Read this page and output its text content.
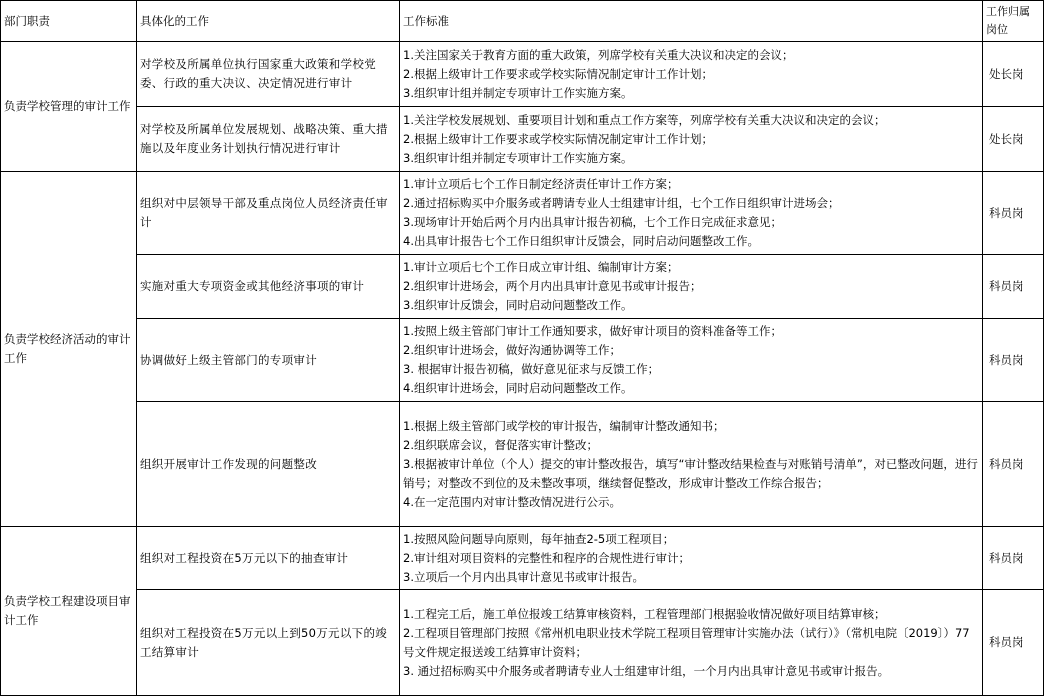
部门职责	具体化的工作	工作标准	工作归属岗位
负责学校管理的审计工作	对学校及所属单位执行国家重大政策和学校党委、行政的重大决议、决定情况进行审计	1.关注国家关于教育方面的重大政策，列席学校有关重大决议和决定的会议；
2.根据上级审计工作要求或学校实际情况制定审计工作计划；
3.组织审计组并制定专项审计工作实施方案。	处长岗
	对学校及所属单位发展规划、战略决策、重大措施以及年度业务计划执行情况进行审计	1.关注学校发展规划、重要项目计划和重点工作方案等，列席学校有关重大决议和决定的会议；
2.根据上级审计工作要求或学校实际情况制定审计工作计划；
3.组织审计组并制定专项审计工作实施方案。	处长岗
负责学校经济活动的审计工作	组织对中层领导干部及重点岗位人员经济责任审计	1.审计立项后七个工作日制定经济责任审计工作方案；
2.通过招标购买中介服务或者聘请专业人士组建审计组，七个工作日组织审计进场会；
3.现场审计开始后两个月内出具审计报告初稿，七个工作日完成征求意见；
4.出具审计报告七个工作日组织审计反馈会，同时启动问题整改工作。	科员岗
	实施对重大专项资金或其他经济事项的审计	1.审计立项后七个工作日成立审计组、编制审计方案；
2.组织审计进场会，两个月内出具审计意见书或审计报告；
3.组织审计反馈会，同时启动问题整改工作。	科员岗
	协调做好上级主管部门的专项审计	1.按照上级主管部门审计工作通知要求，做好审计项目的资料准备等工作；
2.组织审计进场会，做好沟通协调等工作；
3. 根据审计报告初稿，做好意见征求与反馈工作；
4.组织审计进场会，同时启动问题整改工作。	科员岗
	组织开展审计工作发现的问题整改	1.根据上级主管部门或学校的审计报告，编制审计整改通知书；
2.组织联席会议，督促落实审计整改；
3.根据被审计单位（个人）提交的审计整改报告，填写“审计整改结果检查与对账销号清单”，对已整改问题，进行销号；对整改不到位的及未整改事项，继续督促整改，形成审计整改工作综合报告；
4.在一定范围内对审计整改情况进行公示。	科员岗
负责学校工程建设项目审计工作	组织对工程投资在5万元以下的抽查审计	1.按照风险问题导向原则，每年抽查2-5项工程项目；
2.审计组对项目资料的完整性和程序的合规性进行审计；
3.立项后一个月内出具审计意见书或审计报告。	科员岗
	组织对工程投资在5万元以上到50万元以下的竣工结算审计	1.工程完工后，施工单位报竣工结算审核资料，工程管理部门根据验收情况做好项目结算审核；
2.工程项目管理部门按照《常州机电职业技术学院工程项目管理审计实施办法（试行）》（常机电院〔2019〕）77号文件规定报送竣工结算审计资料；
3. 通过招标购买中介服务或者聘请专业人士组建审计组，一个月内出具审计意见书或审计报告。	科员岗
